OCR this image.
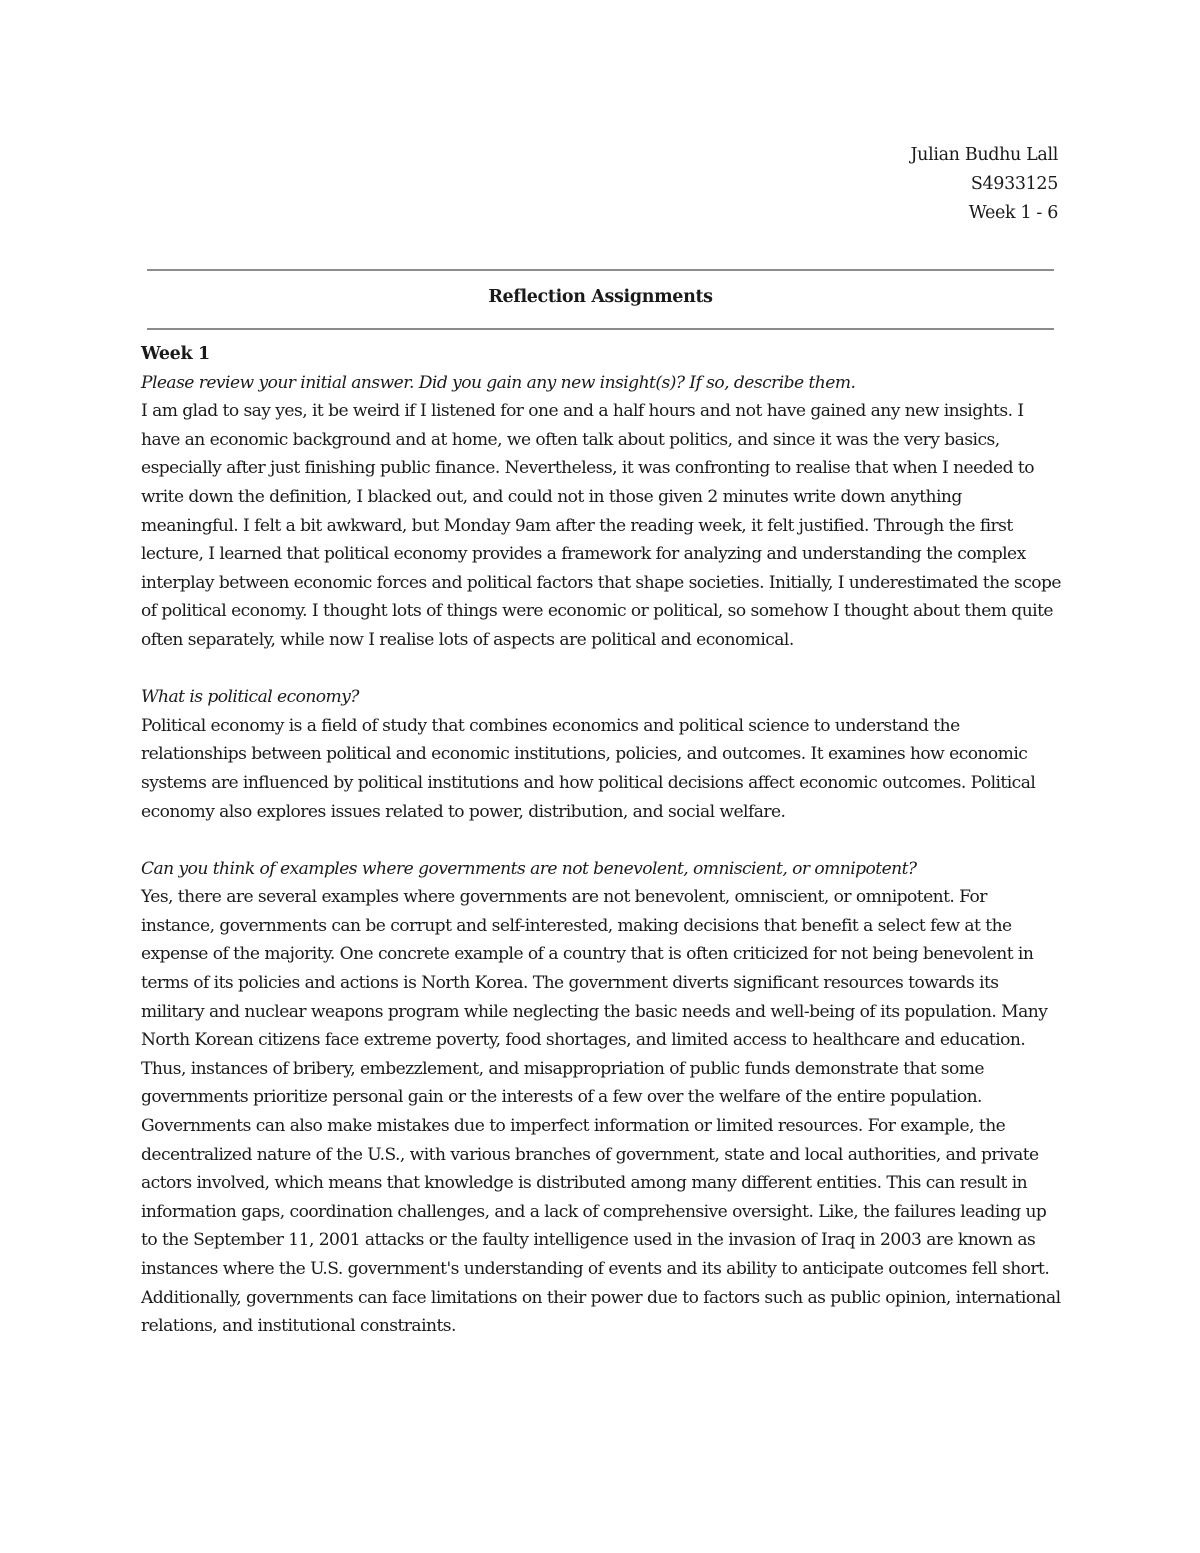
Julian Budhu Lall
S4933125
Week 1 - 6
Reflection Assignments

Week 1

Please review your initial answer. Did you gain any new insight(s)? If so, describe them.

I am glad to say yes, it be weird if I listened for one and a half hours and not have gained any new insights. I have an economic background and at home, we often talk about politics, and since it was the very basics, especially after just finishing public finance. Nevertheless, it was confronting to realise that when I needed to write down the definition, I blacked out, and could not in those given 2 minutes write down anything meaningful. I felt a bit awkward, but Monday 9am after the reading week, it felt justified. Through the first lecture, I learned that political economy provides a framework for analyzing and understanding the complex interplay between economic forces and political factors that shape societies. Initially, I underestimated the scope of political economy. I thought lots of things were economic or political, so somehow I thought about them quite often separately, while now I realise lots of aspects are political and economical.

What is political economy?

Political economy is a field of study that combines economics and political science to understand the relationships between political and economic institutions, policies, and outcomes. It examines how economic systems are influenced by political institutions and how political decisions affect economic outcomes. Political economy also explores issues related to power, distribution, and social welfare.

Can you think of examples where governments are not benevolent, omniscient, or omnipotent?

Yes, there are several examples where governments are not benevolent, omniscient, or omnipotent. For instance, governments can be corrupt and self-interested, making decisions that benefit a select few at the expense of the majority. One concrete example of a country that is often criticized for not being benevolent in terms of its policies and actions is North Korea. The government diverts significant resources towards its military and nuclear weapons program while neglecting the basic needs and well-being of its population. Many North Korean citizens face extreme poverty, food shortages, and limited access to healthcare and education. Thus, instances of bribery, embezzlement, and misappropriation of public funds demonstrate that some governments prioritize personal gain or the interests of a few over the welfare of the entire population. Governments can also make mistakes due to imperfect information or limited resources. For example, the decentralized nature of the U.S., with various branches of government, state and local authorities, and private actors involved, which means that knowledge is distributed among many different entities. This can result in information gaps, coordination challenges, and a lack of comprehensive oversight. Like, the failures leading up to the September 11, 2001 attacks or the faulty intelligence used in the invasion of Iraq in 2003 are known as instances where the U.S. government's understanding of events and its ability to anticipate outcomes fell short. Additionally, governments can face limitations on their power due to factors such as public opinion, international relations, and institutional constraints.
